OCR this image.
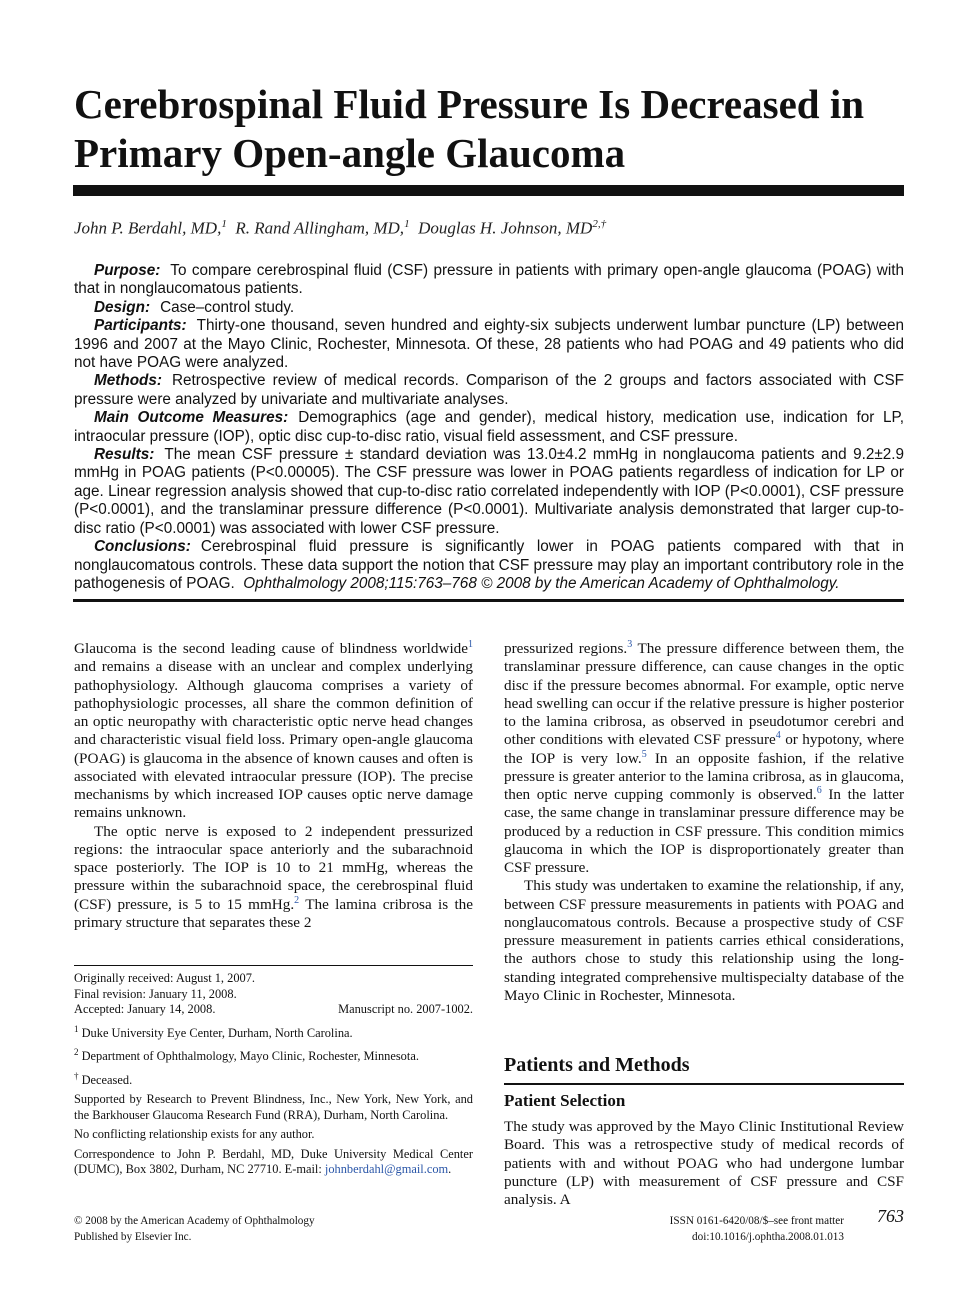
Cerebrospinal Fluid Pressure Is Decreased in Primary Open-angle Glaucoma
John P. Berdahl, MD,$^1$ R. Rand Allingham, MD,$^1$ Douglas H. Johnson, $MD^{2,\dagger}$

Purpose: To compare cerebrospinal fluid (CSF) pressure in patients with primary open-angle glaucoma (POAG) with that in nonglaucomatous patients.

Design: Case–control study.

Participants: Thirty-one thousand, seven hundred and eighty-six subjects underwent lumbar puncture (LP) between 1996 and 2007 at the Mayo Clinic, Rochester, Minnesota. Of these, 28 patients who had POAG and 49 patients who did not have POAG were analyzed.

Methods: Retrospective review of medical records. Comparison of the 2 groups and factors associated with CSF pressure were analyzed by univariate and multivariate analyses.

Main Outcome Measures: Demographics (age and gender), medical history, medication use, indication for LP, intraocular pressure (IOP), optic disc cup-to-disc ratio, visual field assessment, and CSF pressure.

Results: The mean CSF pressure ± standard deviation was 13.0±4.2 mmHg in nonglaucoma patients and 9.2±2.9 mmHg in POAG patients (P<0.00005). The CSF pressure was lower in POAG patients regardless of indication for LP or age. Linear regression analysis showed that cup-to-disc ratio correlated independently with IOP (P<0.0001), CSF pressure (P<0.0001), and the translaminar pressure difference (P<0.0001). Multivariate analysis demonstrated that larger cup-to-disc ratio (P<0.0001) was associated with lower CSF pressure.

Conclusions: Cerebrospinal fluid pressure is significantly lower in POAG patients compared with that in nonglaucomatous controls. These data support the notion that CSF pressure may play an important contributory role in the pathogenesis of POAG. Ophthalmology 2008;115:763–768 © 2008 by the American Academy of Ophthalmology.

Glaucoma is the second leading cause of blindness worldwide$^1$ and remains a disease with an unclear and complex underlying pathophysiology. Although glaucoma comprises a variety of pathophysiologic processes, all share the common definition of an optic neuropathy with characteristic optic nerve head changes and characteristic visual field loss. Primary open-angle glaucoma (POAG) is glaucoma in the absence of known causes and often is associated with elevated intraocular pressure (IOP). The precise mechanisms by which increased IOP causes optic nerve damage remains unknown.

The optic nerve is exposed to 2 independent pressurized regions: the intraocular space anteriorly and the subarachnoid space posteriorly. The IOP is 10 to 21 mmHg, whereas the pressure within the subarachnoid space, the cerebrospinal fluid (CSF) pressure, is 5 to 15 mmHg.$^2$ The lamina cribrosa is the primary structure that separates these 2

Originally received: August 1, 2007.
Final revision: January 11, 2008.
Accepted: January 14, 2008.	Manuscript no. 2007-1002.

$^1$ Duke University Eye Center, Durham, North Carolina.

$^2$ Department of Ophthalmology, Mayo Clinic, Rochester, Minnesota.

† Deceased.

Supported by Research to Prevent Blindness, Inc., New York, New York, and the Barkhouser Glaucoma Research Fund (RRA), Durham, North Carolina.

No conflicting relationship exists for any author.

Correspondence to John P. Berdahl, MD, Duke University Medical Center (DUMC), Box 3802, Durham, NC 27710. E-mail: johnberdahl@gmail.com.

pressurized regions.$^3$ The pressure difference between them, the translaminar pressure difference, can cause changes in the optic disc if the pressure becomes abnormal. For example, optic nerve head swelling can occur if the relative pressure is higher posterior to the lamina cribrosa, as observed in pseudotumor cerebri and other conditions with elevated CSF pressure$^4$ or hypotony, where the IOP is very low.$^5$ In an opposite fashion, if the relative pressure is greater anterior to the lamina cribrosa, as in glaucoma, then optic nerve cupping commonly is observed.$^6$ In the latter case, the same change in translaminar pressure difference may be produced by a reduction in CSF pressure. This condition mimics glaucoma in which the IOP is disproportionately greater than CSF pressure.

This study was undertaken to examine the relationship, if any, between CSF pressure measurements in patients with POAG and nonglaucomatous controls. Because a prospective study of CSF pressure measurement in patients carries ethical considerations, the authors chose to study this relationship using the long-standing integrated comprehensive multispecialty database of the Mayo Clinic in Rochester, Minnesota.

Patients and Methods
Patient Selection

The study was approved by the Mayo Clinic Institutional Review Board. This was a retrospective study of medical records of patients with and without POAG who had undergone lumbar puncture (LP) with measurement of CSF pressure and CSF analysis. A

© 2008 by the American Academy of Ophthalmology
Published by Elsevier Inc.
ISSN 0161-6420/08/$–see front matter
doi:10.1016/j.ophtha.2008.01.013
763
